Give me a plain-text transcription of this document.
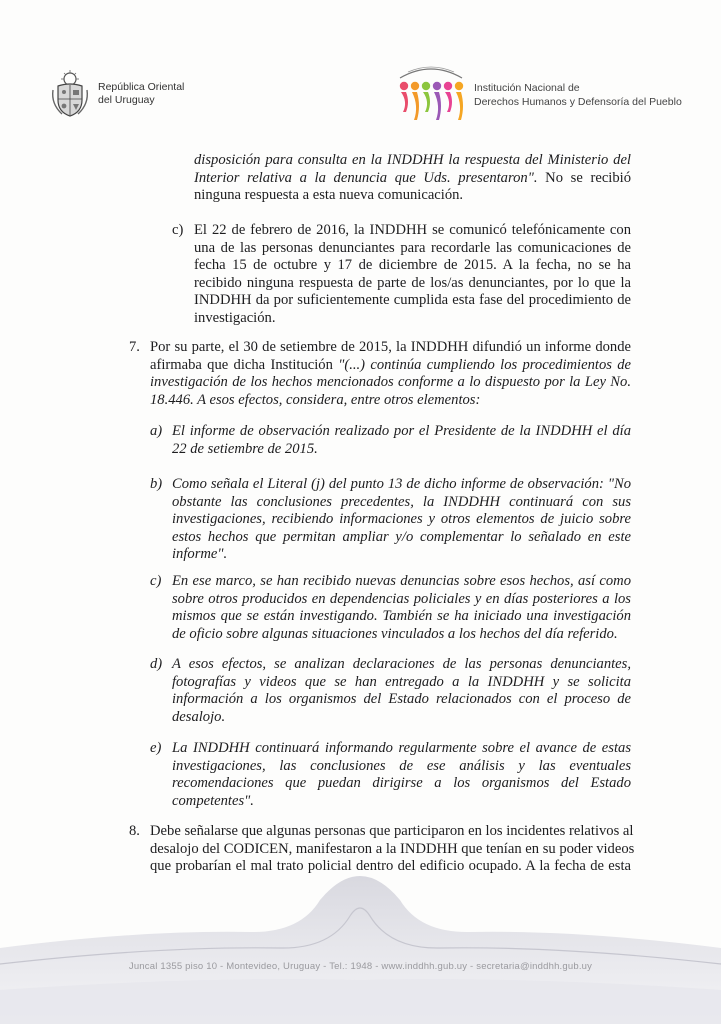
República Oriental
del Uruguay
Institución Nacional de
Derechos Humanos y Defensoría del Pueblo
disposición para consulta en la INDDHH la respuesta del Ministerio del
Interior relativa a la denuncia que Uds. presentaron". No se recibió
ninguna respuesta a esta nueva comunicación.
c) El 22 de febrero de 2016, la INDDHH se comunicó telefónicamente con
una de las personas denunciantes para recordarle las comunicaciones de
fecha 15 de octubre y 17 de diciembre de 2015. A la fecha, no se ha
recibido ninguna respuesta de parte de los/as denunciantes, por lo que la
INDDHH da por suficientemente cumplida esta fase del procedimiento de
investigación.
7. Por su parte, el 30 de setiembre de 2015, la INDDHH difundió un informe donde
afirmaba que dicha Institución "(...) continúa cumpliendo los procedimientos de
investigación de los hechos mencionados conforme a lo dispuesto por la Ley No.
18.446. A esos efectos, considera, entre otros elementos:
a) El informe de observación realizado por el Presidente de la INDDHH el día
22 de setiembre de 2015.
b) Como señala el Literal (j) del punto 13 de dicho informe de observación: "No
obstante las conclusiones precedentes, la INDDHH continuará con sus
investigaciones, recibiendo informaciones y otros elementos de juicio sobre
estos hechos que permitan ampliar y/o complementar lo señalado en este
informe".
c) En ese marco, se han recibido nuevas denuncias sobre esos hechos, así como
sobre otros producidos en dependencias policiales y en días posteriores a los
mismos que se están investigando. También se ha iniciado una investigación
de oficio sobre algunas situaciones vinculados a los hechos del día referido.
d) A esos efectos, se analizan declaraciones de las personas denunciantes,
fotografías y videos que se han entregado a la INDDHH y se solicita
información a los organismos del Estado relacionados con el proceso de
desalojo.
e) La INDDHH continuará informando regularmente sobre el avance de estas
investigaciones, las conclusiones de ese análisis y las eventuales
recomendaciones que puedan dirigirse a los organismos del Estado
competentes".
8. Debe señalarse que algunas personas que participaron en los incidentes relativos al
desalojo del CODICEN, manifestaron a la INDDHH que tenían en su poder videos
que probarían el mal trato policial dentro del edificio ocupado. A la fecha de esta
Juncal 1355 piso 10 - Montevideo, Uruguay - Tel.: 1948 - www.inddhh.gub.uy - secretaria@inddhh.gub.uy
